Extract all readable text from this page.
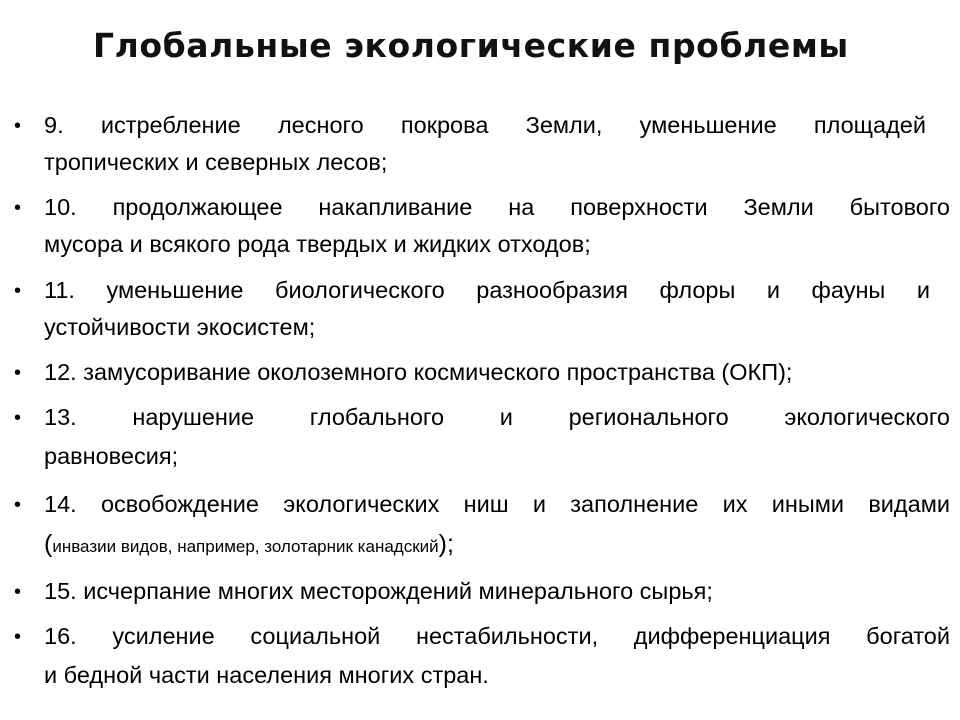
Глобальные экологические проблемы
• 9. истребление лесного покрова Земли, уменьшение площадей
тропических и северных лесов;
• 10. продолжающее накапливание на поверхности Земли бытового
мусора и всякого рода твердых и жидких отходов;
• 11. уменьшение биологического разнообразия флоры и фауны и
устойчивости экосистем;
• 12. замусоривание околоземного космического пространства (ОКП);
• 13. нарушение глобального и регионального экологического
равновесия;
• 14. освобождение экологических ниш и заполнение их иными видами
(инвазии видов, например, золотарник канадский);
• 15. исчерпание многих месторождений минерального сырья;
• 16. усиление социальной нестабильности, дифференциация богатой
и бедной части населения многих стран.
